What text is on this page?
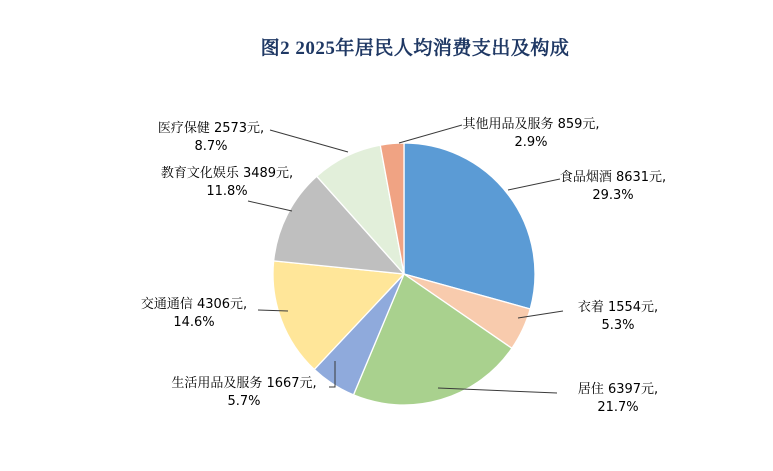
图2 2025年居民人均消费支出及构成
食品烟酒 8631元,
29.3%
衣着 1554元,
5.3%
居住 6397元,
21.7%
生活用品及服务 1667元,
5.7%
交通通信 4306元,
14.6%
教育文化娱乐 3489元,
11.8%
医疗保健 2573元,
8.7%
其他用品及服务 859元,
2.9%
